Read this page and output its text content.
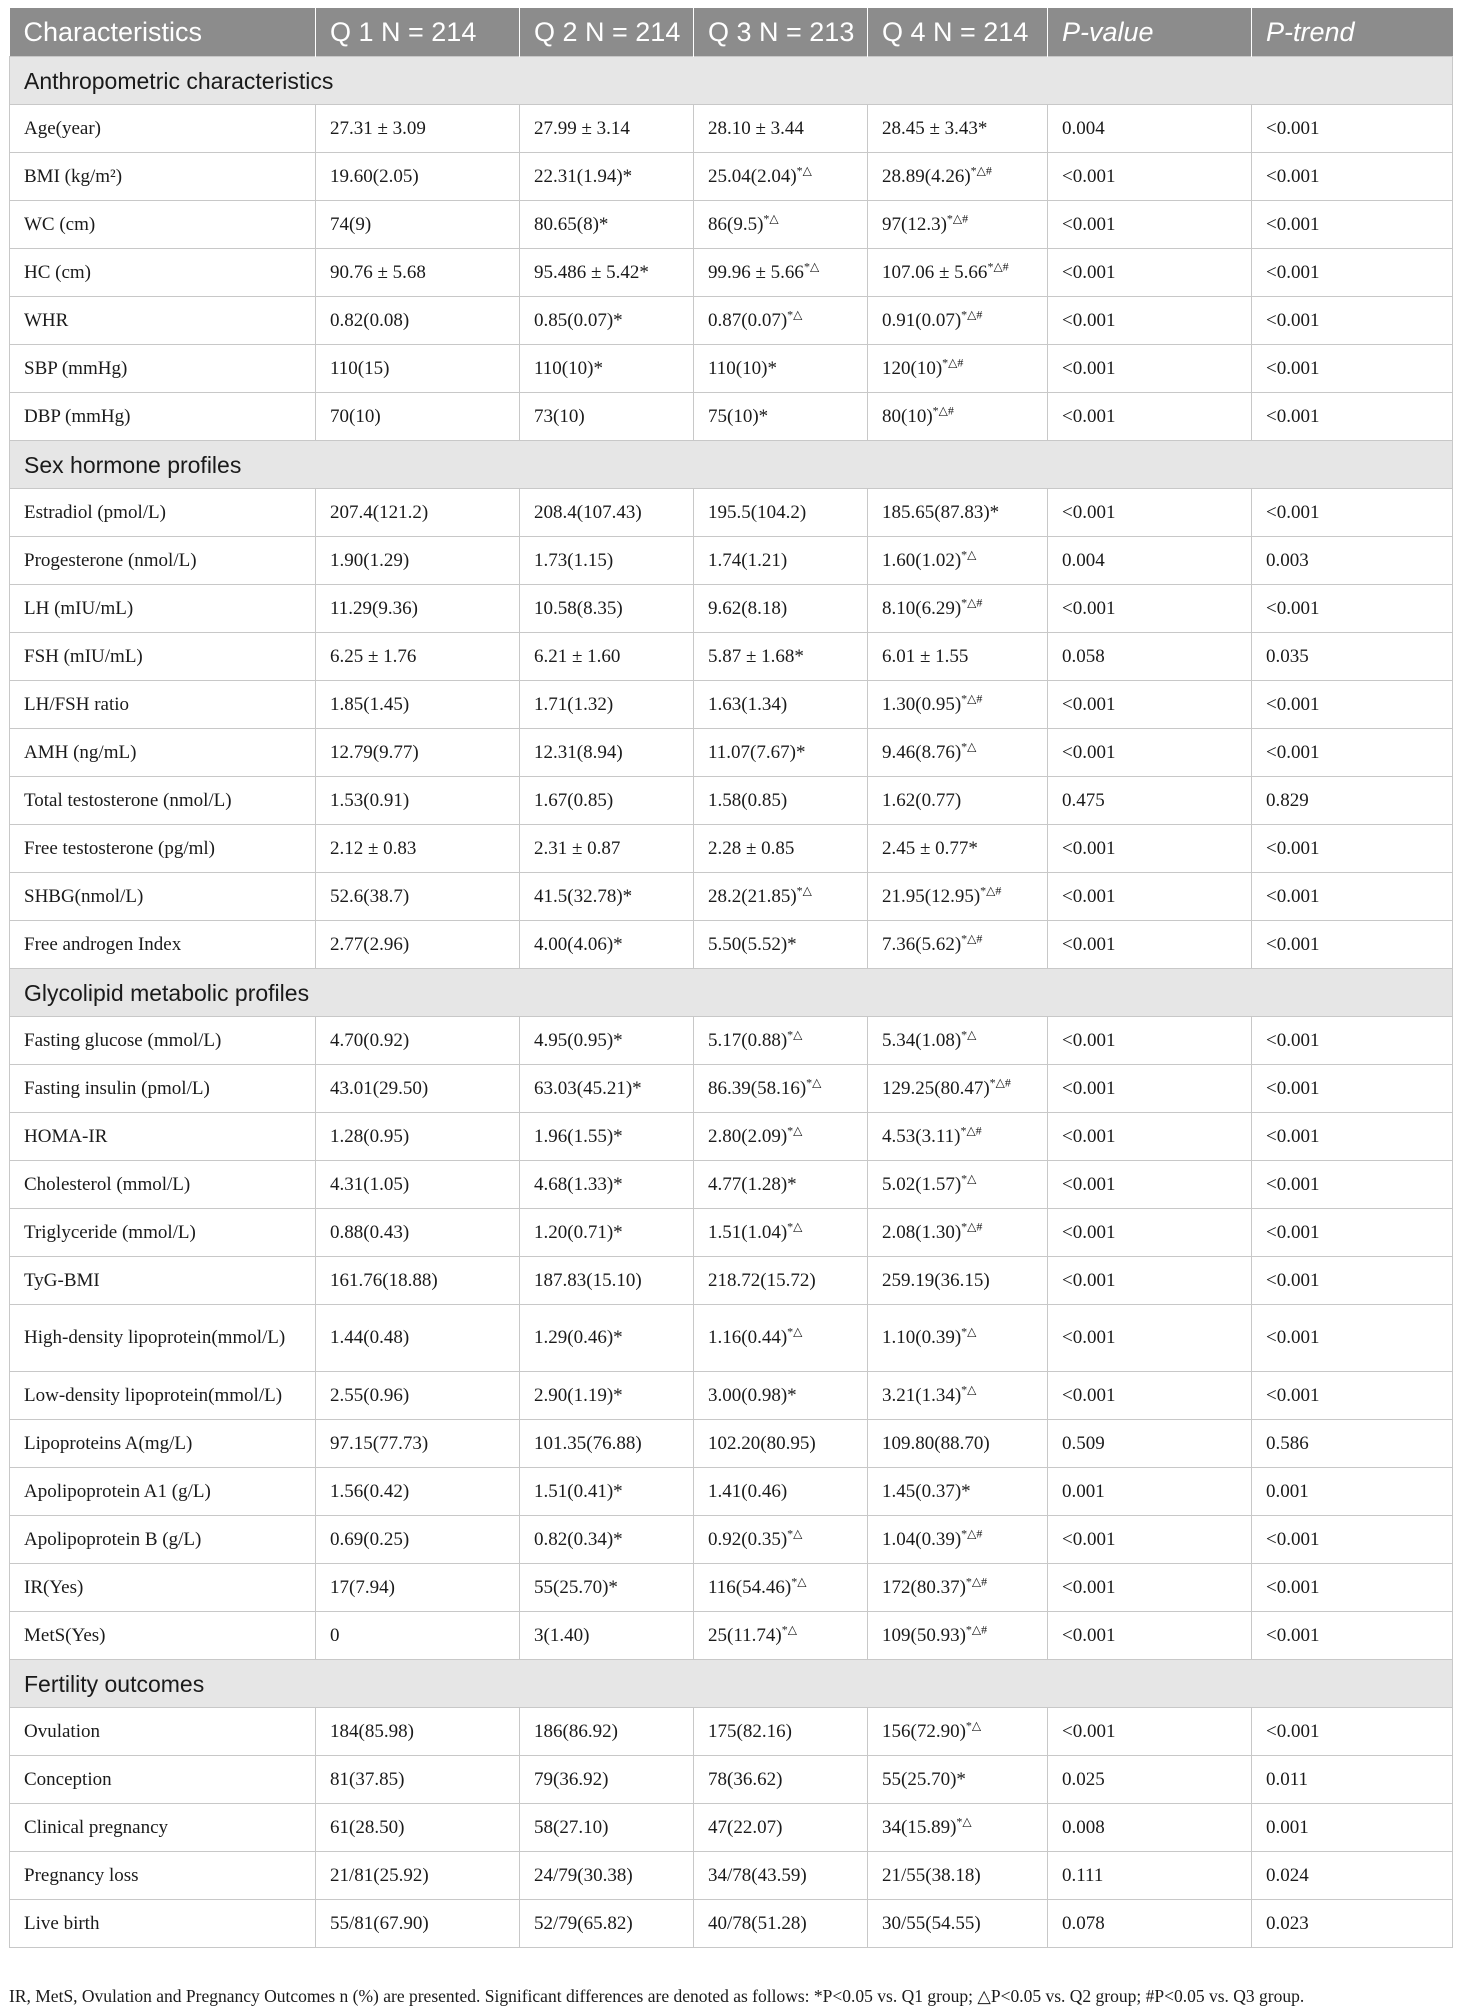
Characteristics	Q 1 N = 214	Q 2 N = 214	Q 3 N = 213	Q 4 N = 214	P-value	P-trend
Anthropometric characteristics						
Age(year)	27.31 ± 3.09	27.99 ± 3.14	28.10 ± 3.44	28.45 ± 3.43*	0.004	<0.001
BMI (kg/m²)	19.60(2.05)	22.31(1.94)*	25.04(2.04)*△	28.89(4.26)*△#	<0.001	<0.001
WC (cm)	74(9)	80.65(8)*	86(9.5)*△	97(12.3)*△#	<0.001	<0.001
HC (cm)	90.76 ± 5.68	95.486 ± 5.42*	99.96 ± 5.66*△	107.06 ± 5.66*△#	<0.001	<0.001
WHR	0.82(0.08)	0.85(0.07)*	0.87(0.07)*△	0.91(0.07)*△#	<0.001	<0.001
SBP (mmHg)	110(15)	110(10)*	110(10)*	120(10)*△#	<0.001	<0.001
DBP (mmHg)	70(10)	73(10)	75(10)*	80(10)*△#	<0.001	<0.001
Sex hormone profiles						
Estradiol (pmol/L)	207.4(121.2)	208.4(107.43)	195.5(104.2)	185.65(87.83)*	<0.001	<0.001
Progesterone (nmol/L)	1.90(1.29)	1.73(1.15)	1.74(1.21)	1.60(1.02)*△	0.004	0.003
LH (mIU/mL)	11.29(9.36)	10.58(8.35)	9.62(8.18)	8.10(6.29)*△#	<0.001	<0.001
FSH (mIU/mL)	6.25 ± 1.76	6.21 ± 1.60	5.87 ± 1.68*	6.01 ± 1.55	0.058	0.035
LH/FSH ratio	1.85(1.45)	1.71(1.32)	1.63(1.34)	1.30(0.95)*△#	<0.001	<0.001
AMH (ng/mL)	12.79(9.77)	12.31(8.94)	11.07(7.67)*	9.46(8.76)*△	<0.001	<0.001
Total testosterone (nmol/L)	1.53(0.91)	1.67(0.85)	1.58(0.85)	1.62(0.77)	0.475	0.829
Free testosterone (pg/ml)	2.12 ± 0.83	2.31 ± 0.87	2.28 ± 0.85	2.45 ± 0.77*	<0.001	<0.001
SHBG(nmol/L)	52.6(38.7)	41.5(32.78)*	28.2(21.85)*△	21.95(12.95)*△#	<0.001	<0.001
Free androgen Index	2.77(2.96)	4.00(4.06)*	5.50(5.52)*	7.36(5.62)*△#	<0.001	<0.001
Glycolipid metabolic profiles						
Fasting glucose (mmol/L)	4.70(0.92)	4.95(0.95)*	5.17(0.88)*△	5.34(1.08)*△	<0.001	<0.001
Fasting insulin (pmol/L)	43.01(29.50)	63.03(45.21)*	86.39(58.16)*△	129.25(80.47)*△#	<0.001	<0.001
HOMA-IR	1.28(0.95)	1.96(1.55)*	2.80(2.09)*△	4.53(3.11)*△#	<0.001	<0.001
Cholesterol (mmol/L)	4.31(1.05)	4.68(1.33)*	4.77(1.28)*	5.02(1.57)*△	<0.001	<0.001
Triglyceride (mmol/L)	0.88(0.43)	1.20(0.71)*	1.51(1.04)*△	2.08(1.30)*△#	<0.001	<0.001
TyG-BMI	161.76(18.88)	187.83(15.10)	218.72(15.72)	259.19(36.15)	<0.001	<0.001
High-density lipoprotein(mmol/L)	1.44(0.48)	1.29(0.46)*	1.16(0.44)*△	1.10(0.39)*△	<0.001	<0.001
Low-density lipoprotein(mmol/L)	2.55(0.96)	2.90(1.19)*	3.00(0.98)*	3.21(1.34)*△	<0.001	<0.001
Lipoproteins A(mg/L)	97.15(77.73)	101.35(76.88)	102.20(80.95)	109.80(88.70)	0.509	0.586
Apolipoprotein A1 (g/L)	1.56(0.42)	1.51(0.41)*	1.41(0.46)	1.45(0.37)*	0.001	0.001
Apolipoprotein B (g/L)	0.69(0.25)	0.82(0.34)*	0.92(0.35)*△	1.04(0.39)*△#	<0.001	<0.001
IR(Yes)	17(7.94)	55(25.70)*	116(54.46)*△	172(80.37)*△#	<0.001	<0.001
MetS(Yes)	0	3(1.40)	25(11.74)*△	109(50.93)*△#	<0.001	<0.001
Fertility outcomes						
Ovulation	184(85.98)	186(86.92)	175(82.16)	156(72.90)*△	<0.001	<0.001
Conception	81(37.85)	79(36.92)	78(36.62)	55(25.70)*	0.025	0.011
Clinical pregnancy	61(28.50)	58(27.10)	47(22.07)	34(15.89)*△	0.008	0.001
Pregnancy loss	21/81(25.92)	24/79(30.38)	34/78(43.59)	21/55(38.18)	0.111	0.024
Live birth	55/81(67.90)	52/79(65.82)	40/78(51.28)	30/55(54.55)	0.078	0.023
IR, MetS, Ovulation and Pregnancy Outcomes n (%) are presented. Significant differences are denoted as follows: *P<0.05 vs. Q1 group; △P<0.05 vs. Q2 group; #P<0.05 vs. Q3 group.
